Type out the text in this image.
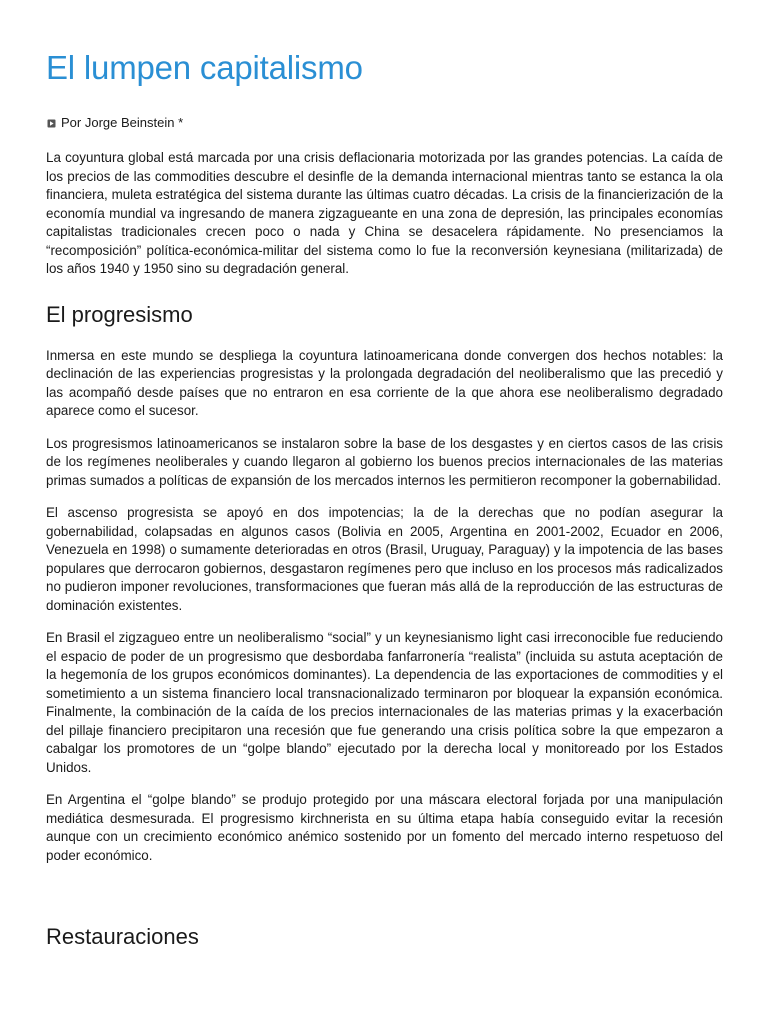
El lumpen capitalismo
Por Jorge Beinstein *

La coyuntura global está marcada por una crisis deflacionaria motorizada por las grandes potencias. La caída de los precios de las commodities descubre el desinfle de la demanda internacional mientras tanto se estanca la ola financiera, muleta estratégica del sistema durante las últimas cuatro décadas. La crisis de la financierización de la economía mundial va ingresando de manera zigzagueante en una zona de depresión, las principales economías capitalistas tradicionales crecen poco o nada y China se desacelera rápidamente. No presenciamos la “recomposición” política-económica-militar del sistema como lo fue la reconversión keynesiana (militarizada) de los años 1940 y 1950 sino su degradación general.

El progresismo

Inmersa en este mundo se despliega la coyuntura latinoamericana donde convergen dos hechos notables: la declinación de las experiencias progresistas y la prolongada degradación del neoliberalismo que las precedió y las acompañó desde países que no entraron en esa corriente de la que ahora ese neoliberalismo degradado aparece como el sucesor.

Los progresismos latinoamericanos se instalaron sobre la base de los desgastes y en ciertos casos de las crisis de los regímenes neoliberales y cuando llegaron al gobierno los buenos precios internacionales de las materias primas sumados a políticas de expansión de los mercados internos les permitieron recomponer la gobernabilidad.

El ascenso progresista se apoyó en dos impotencias; la de la derechas que no podían asegurar la gobernabilidad, colapsadas en algunos casos (Bolivia en 2005, Argentina en 2001-2002, Ecuador en 2006, Venezuela en 1998) o sumamente deterioradas en otros (Brasil, Uruguay, Paraguay) y la impotencia de las bases populares que derrocaron gobiernos, desgastaron regímenes pero que incluso en los procesos más radicalizados no pudieron imponer revoluciones, transformaciones que fueran más allá de la reproducción de las estructuras de dominación existentes.

En Brasil el zigzagueo entre un neoliberalismo “social” y un keynesianismo light casi irreconocible fue reduciendo el espacio de poder de un progresismo que desbordaba fanfarronería “realista” (incluida su astuta aceptación de la hegemonía de los grupos económicos dominantes). La dependencia de las exportaciones de commodities y el sometimiento a un sistema financiero local transnacionalizado terminaron por bloquear la expansión económica. Finalmente, la combinación de la caída de los precios internacionales de las materias primas y la exacerbación del pillaje financiero precipitaron una recesión que fue generando una crisis política sobre la que empezaron a cabalgar los promotores de un “golpe blando” ejecutado por la derecha local y monitoreado por los Estados Unidos.

En Argentina el “golpe blando” se produjo protegido por una máscara electoral forjada por una manipulación mediática desmesurada. El progresismo kirchnerista en su última etapa había conseguido evitar la recesión aunque con un crecimiento económico anémico sostenido por un fomento del mercado interno respetuoso del poder económico.

Restauraciones
